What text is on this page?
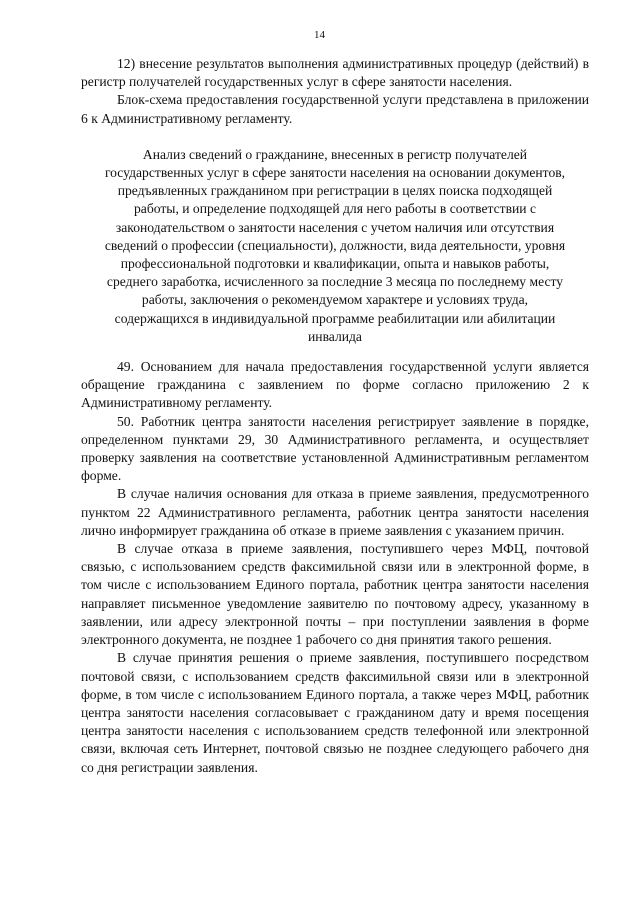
14

12) внесение результатов выполнения административных процедур (действий) в регистр получателей государственных услуг в сфере занятости населения.

Блок-схема предоставления государственной услуги представлена в приложении 6 к Административному регламенту.

Анализ сведений о гражданине, внесенных в регистр получателей государственных услуг в сфере занятости населения на основании документов, предъявленных гражданином при регистрации в целях поиска подходящей работы, и определение подходящей для него работы в соответствии с законодательством о занятости населения с учетом наличия или отсутствия сведений о профессии (специальности), должности, вида деятельности, уровня профессиональной подготовки и квалификации, опыта и навыков работы, среднего заработка, исчисленного за последние 3 месяца по последнему месту работы, заключения о рекомендуемом характере и условиях труда, содержащихся в индивидуальной программе реабилитации или абилитации инвалида

49. Основанием для начала предоставления государственной услуги является обращение гражданина с заявлением по форме согласно приложению 2 к Административному регламенту.

50. Работник центра занятости населения регистрирует заявление в порядке, определенном пунктами 29, 30 Административного регламента, и осуществляет проверку заявления на соответствие установленной Административным регламентом форме.

В случае наличия основания для отказа в приеме заявления, предусмотренного пунктом 22 Административного регламента, работник центра занятости населения лично информирует гражданина об отказе в приеме заявления с указанием причин.

В случае отказа в приеме заявления, поступившего через МФЦ, почтовой связью, с использованием средств факсимильной связи или в электронной форме, в том числе с использованием Единого портала, работник центра занятости населения направляет письменное уведомление заявителю по почтовому адресу, указанному в заявлении, или адресу электронной почты – при поступлении заявления в форме электронного документа, не позднее 1 рабочего со дня принятия такого решения.

В случае принятия решения о приеме заявления, поступившего посредством почтовой связи, с использованием средств факсимильной связи или в электронной форме, в том числе с использованием Единого портала, а также через МФЦ, работник центра занятости населения согласовывает с гражданином дату и время посещения центра занятости населения с использованием средств телефонной или электронной связи, включая сеть Интернет, почтовой связью не позднее следующего рабочего дня со дня регистрации заявления.
